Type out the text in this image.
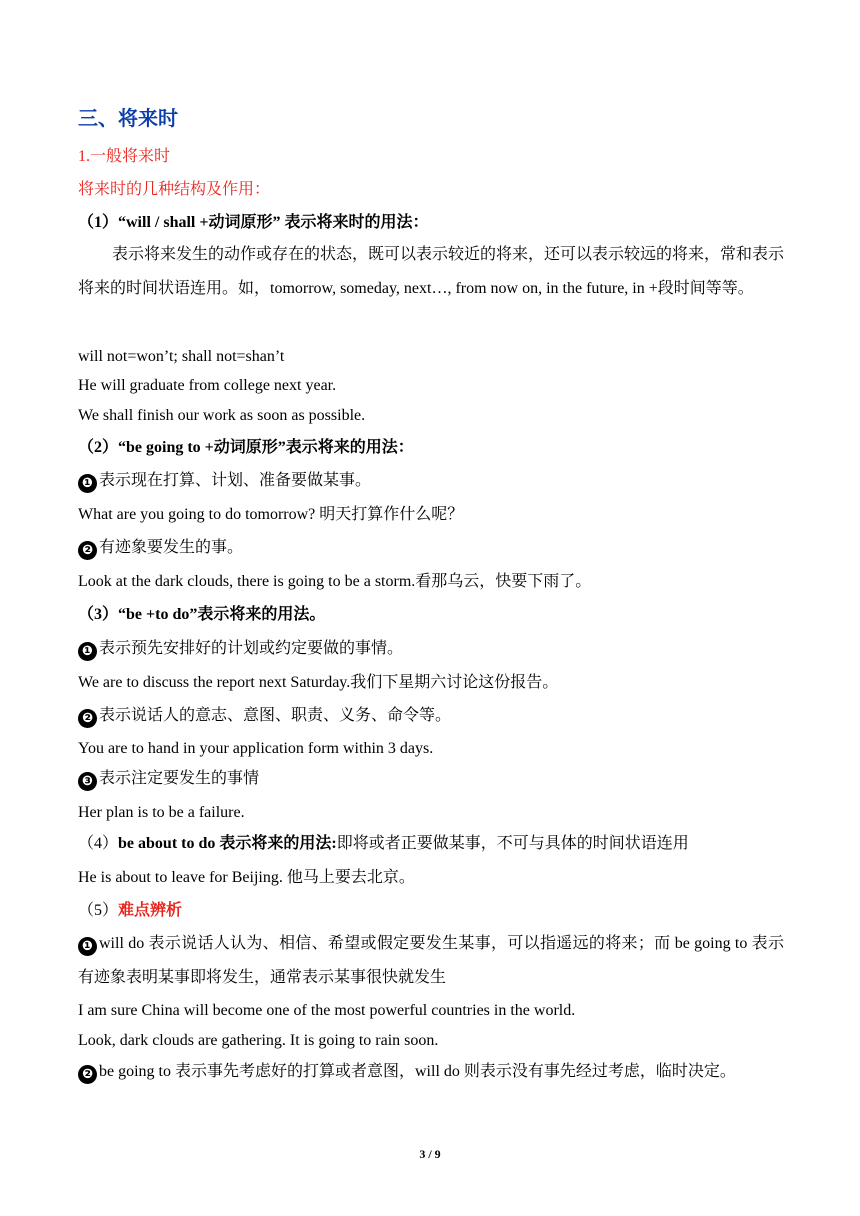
三、将来时
1.一般将来时
将来时的几种结构及作用：
（1）“will / shall +动词原形” 表示将来时的用法：
表示将来发生的动作或存在的状态，既可以表示较近的将来，还可以表示较远的将来，常和表示将来的时间状语连用。如，tomorrow, someday, next…, from now on, in the future, in +段时间等等。
will not=won’t; shall not=shan’t
He will graduate from college next year.
We shall finish our work as soon as possible.
（2）“be going to +动词原形”表示将来的用法：
❶ 表示现在打算、计划、准备要做某事。
What are you going to do tomorrow? 明天打算作什么呢？
❷ 有迹象要发生的事。
Look at the dark clouds, there is going to be a storm.看那乌云，快要下雨了。
（3）“be +to do”表示将来的用法。
❶ 表示预先安排好的计划或约定要做的事情。
We are to discuss the report next Saturday.我们下星期六讨论这份报告。
❷ 表示说话人的意志、意图、职责、义务、命令等。
You are to hand in your application form within 3 days.
❸ 表示注定要发生的事情
Her plan is to be a failure.
（4）be about to do 表示将来的用法:即将或者正要做某事，不可与具体的时间状语连用
He is about to leave for Beijing. 他马上要去北京。
（5）难点辨析
❶ will do 表示说话人认为、相信、希望或假定要发生某事，可以指遥远的将来；而 be going to 表示有迹象表明某事即将发生，通常表示某事很快就发生
I am sure China will become one of the most powerful countries in the world.
Look, dark clouds are gathering. It is going to rain soon.
❷ be going to 表示事先考虑好的打算或者意图，will do 则表示没有事先经过考虑，临时决定。
3 / 9
